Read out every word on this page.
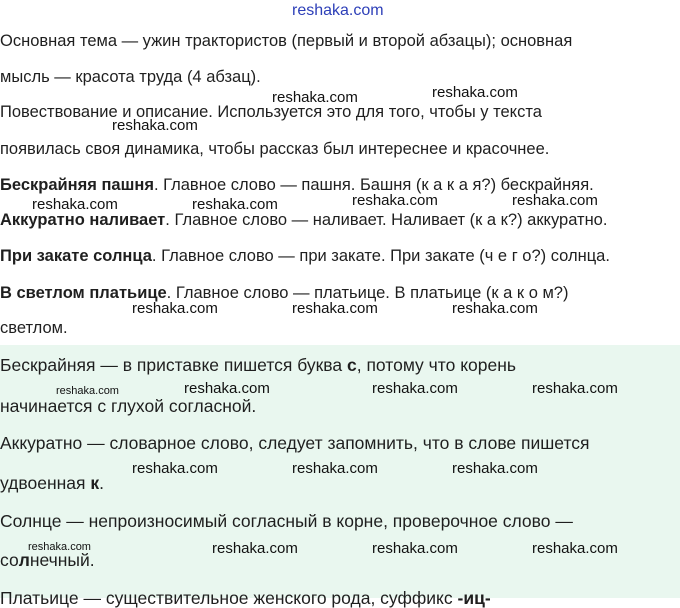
reshaka.com
Основная тема — ужин трактористов (первый и второй абзацы); основная
мысль — красота труда (4 абзац).
Повествование и описание. Используется это для того, чтобы у текста
появилась своя динамика, чтобы рассказ был интереснее и красочнее.
Бескрайняя пашня. Главное слово — пашня. Башня (к а к а я?) бескрайняя.
Аккуратно наливает. Главное слово — наливает. Наливает (к а к?) аккуратно.
При закате солнца. Главное слово — при закате. При закате (ч е г о?) солнца.
В светлом платьице. Главное слово — платьице. В платьице (к а к о м?)
светлом.
Бескрайняя — в приставке пишется буква с, потому что корень
начинается с глухой согласной.
Аккуратно — словарное слово, следует запомнить, что в слове пишется
удвоенная к.
Солнце — непроизносимый согласный в корне, проверочное слово —
солнечный.
Платьице — существительное женского рода, суффикс -иц-
reshaka.com	reshaka.com
reshaka.com
reshaka.com	reshaka.com	reshaka.com	reshaka.com
reshaka.com	reshaka.com	reshaka.com
reshaka.com	reshaka.com	reshaka.com	reshaka.com
reshaka.com	reshaka.com	reshaka.com
reshaka.com	reshaka.com	reshaka.com	reshaka.com
